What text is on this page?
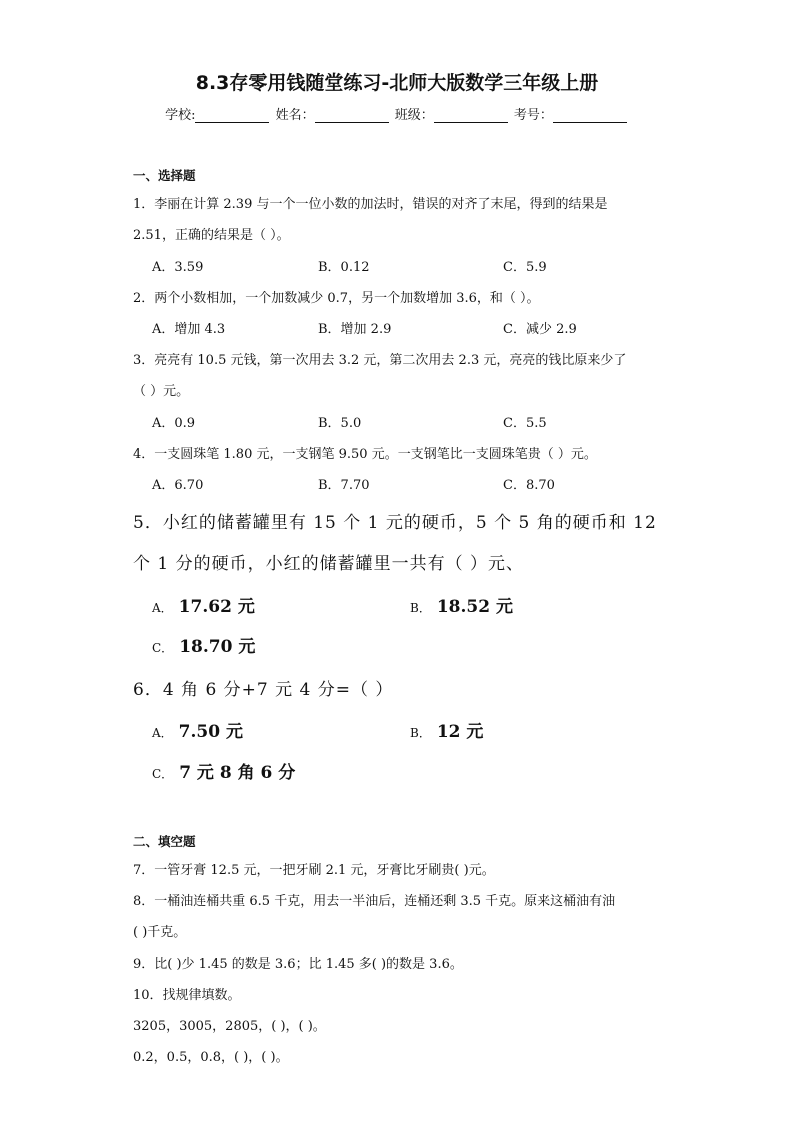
8.3存零用钱随堂练习-北师大版数学三年级上册
学校:	姓名：	班级：	考号：
一、选择题
1．李丽在计算 2.39 与一个一位小数的加法时，错误的对齐了末尾，得到的结果是
2.51，正确的结果是（ ）。
A．3.59	B．0.12	C．5.9
2．两个小数相加，一个加数减少 0.7，另一个加数增加 3.6，和（ ）。
A．增加 4.3	B．增加 2.9	C．减少 2.9
3．亮亮有 10.5 元钱，第一次用去 3.2 元，第二次用去 2.3 元，亮亮的钱比原来少了
（ ）元。
A．0.9	B．5.0	C．5.5
4．一支圆珠笔 1.80 元，一支钢笔 9.50 元。一支钢笔比一支圆珠笔贵（ ）元。
A．6.70	B．7.70	C．8.70
5．小红的储蓄罐里有 15 个 1 元的硬币，5 个 5 角的硬币和 12
个 1 分的硬币，小红的储蓄罐里一共有（ ）元、
A． 17.62 元	B． 18.52 元
C． 18.70 元
6．4 角 6 分+7 元 4 分=（ ）
A． 7.50 元	B． 12 元
C． 7 元 8 角 6 分
二、填空题
7．一管牙膏 12.5 元，一把牙刷 2.1 元，牙膏比牙刷贵( )元。
8．一桶油连桶共重 6.5 千克，用去一半油后，连桶还剩 3.5 千克。原来这桶油有油
( )千克。
9．比( )少 1.45 的数是 3.6；比 1.45 多( )的数是 3.6。
10．找规律填数。
3205，3005，2805，( )，( )。
0.2，0.5，0.8，( )，( )。
